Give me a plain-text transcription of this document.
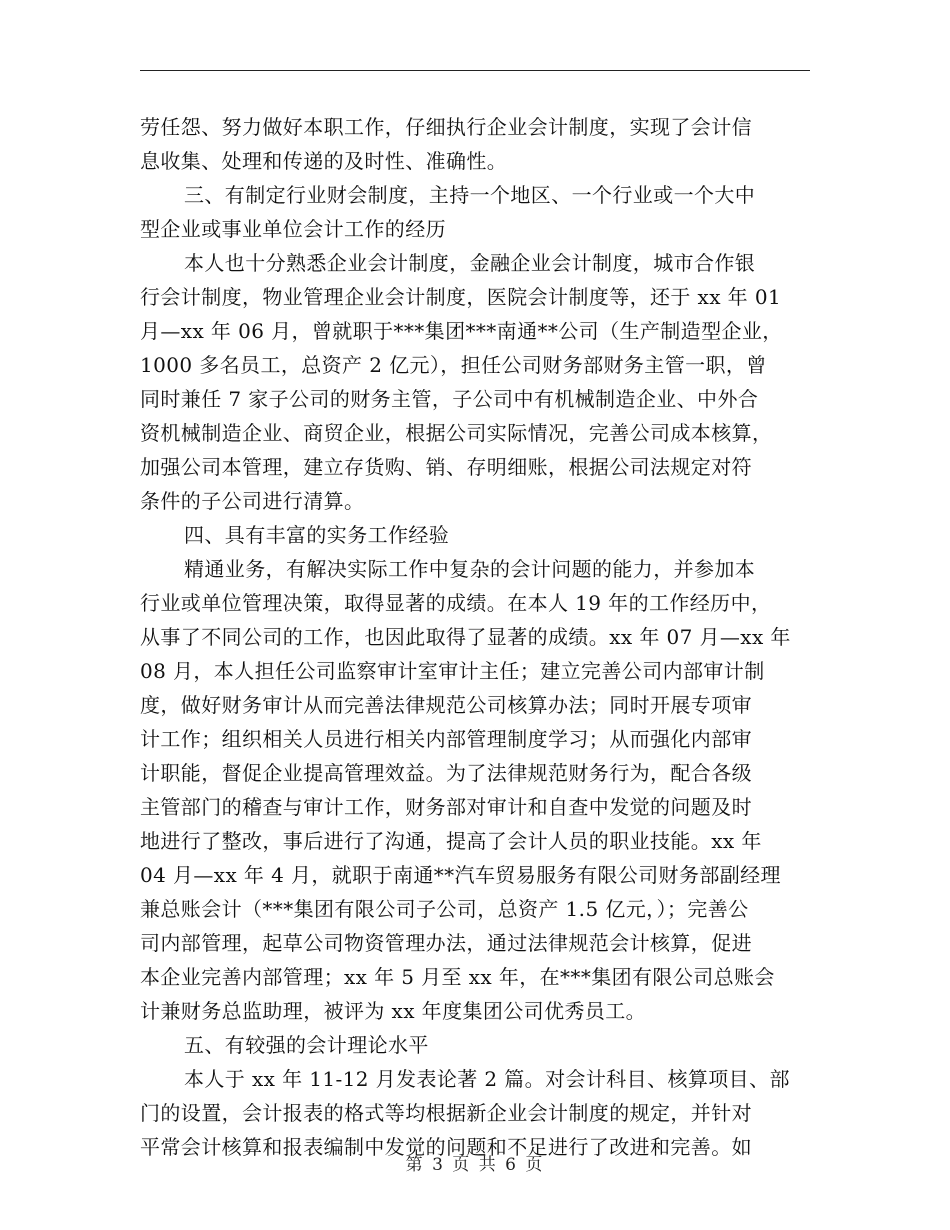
劳任怨、努力做好本职工作，仔细执行企业会计制度，实现了会计信
息收集、处理和传递的及时性、准确性。
三、有制定行业财会制度，主持一个地区、一个行业或一个大中
型企业或事业单位会计工作的经历
本人也十分熟悉企业会计制度，金融企业会计制度，城市合作银
行会计制度，物业管理企业会计制度，医院会计制度等，还于 xx 年 01
月—xx 年 06 月，曾就职于***集团***南通**公司（生产制造型企业，
1000 多名员工，总资产 2 亿元），担任公司财务部财务主管一职，曾
同时兼任 7 家子公司的财务主管，子公司中有机械制造企业、中外合
资机械制造企业、商贸企业，根据公司实际情况，完善公司成本核算，
加强公司本管理，建立存货购、销、存明细账，根据公司法规定对符
条件的子公司进行清算。
四、具有丰富的实务工作经验
精通业务，有解决实际工作中复杂的会计问题的能力，并参加本
行业或单位管理决策，取得显著的成绩。在本人 19 年的工作经历中，
从事了不同公司的工作，也因此取得了显著的成绩。xx 年 07 月—xx 年
08 月，本人担任公司监察审计室审计主任；建立完善公司内部审计制
度，做好财务审计从而完善法律规范公司核算办法；同时开展专项审
计工作；组织相关人员进行相关内部管理制度学习；从而强化内部审
计职能，督促企业提高管理效益。为了法律规范财务行为，配合各级
主管部门的稽查与审计工作，财务部对审计和自查中发觉的问题及时
地进行了整改，事后进行了沟通，提高了会计人员的职业技能。xx 年
04 月—xx 年 4 月，就职于南通**汽车贸易服务有限公司财务部副经理
兼总账会计（***集团有限公司子公司，总资产 1.5 亿元，）；完善公
司内部管理，起草公司物资管理办法，通过法律规范会计核算，促进
本企业完善内部管理；xx 年 5 月至 xx 年，在***集团有限公司总账会
计兼财务总监助理，被评为 xx 年度集团公司优秀员工。
五、有较强的会计理论水平
本人于 xx 年 11-12 月发表论著 2 篇。对会计科目、核算项目、部
门的设置，会计报表的格式等均根据新企业会计制度的规定，并针对
平常会计核算和报表编制中发觉的问题和不足进行了改进和完善。如
第 3 页 共 6 页
